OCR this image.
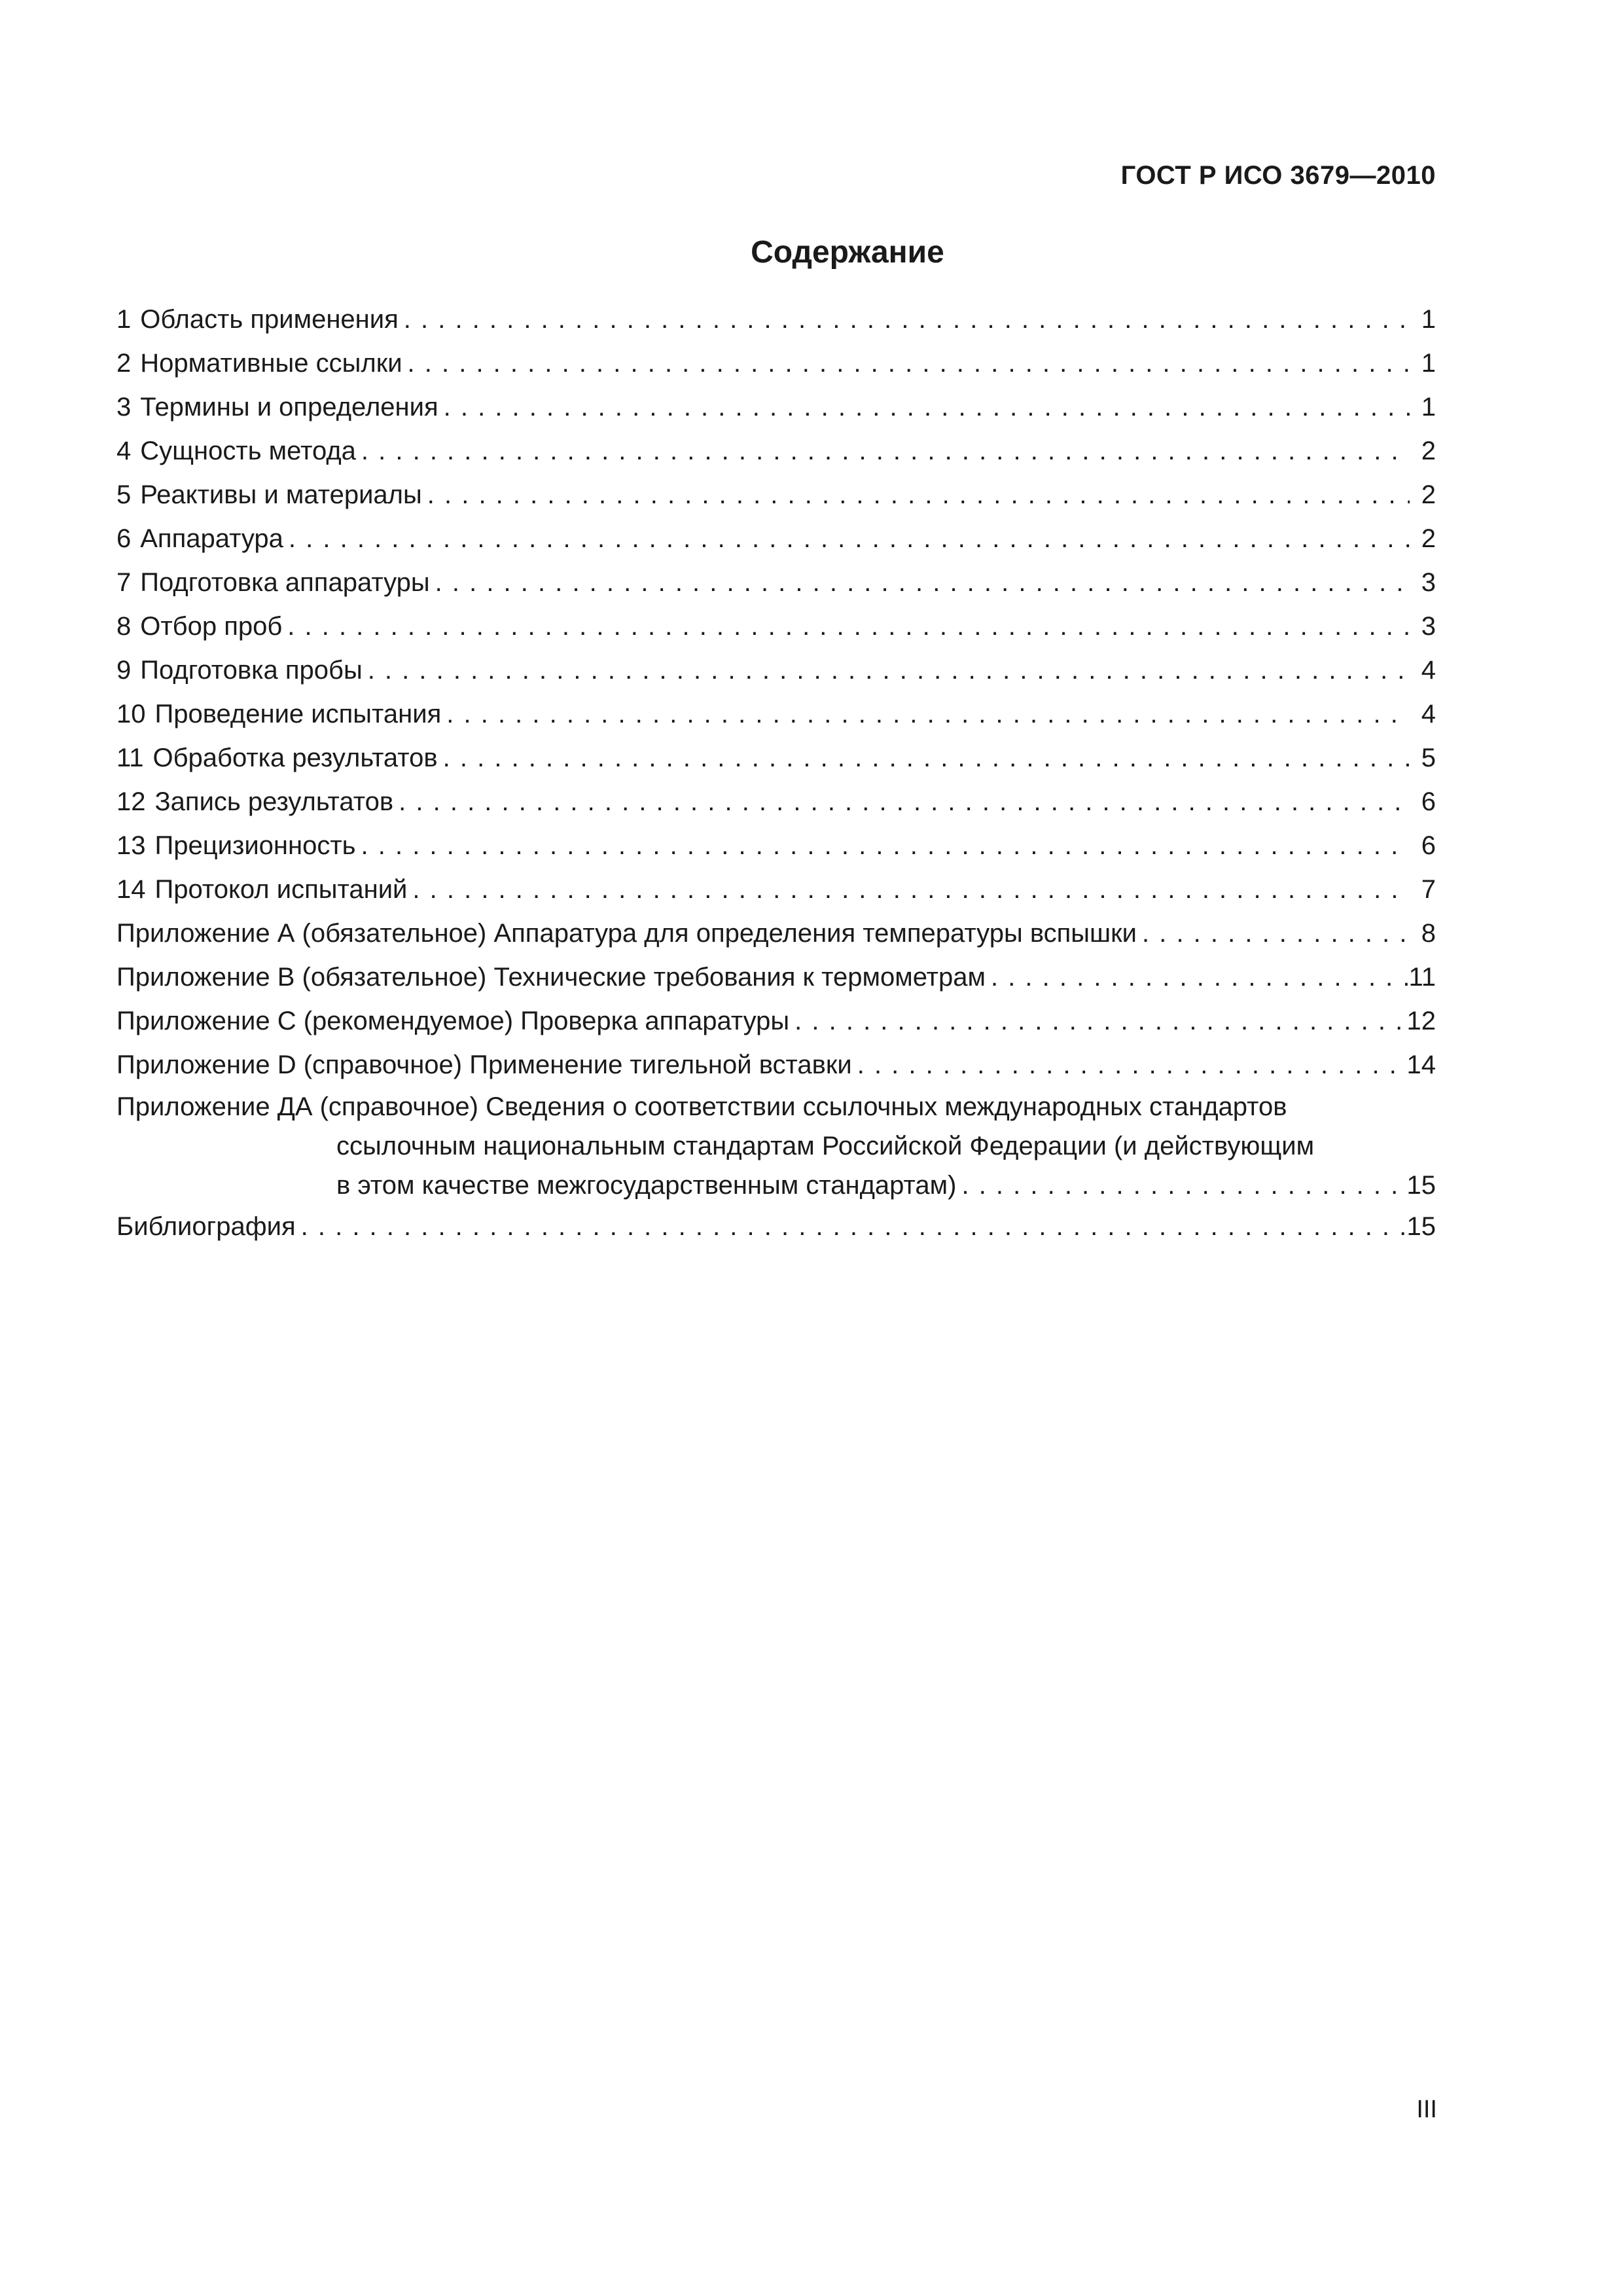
ГОСТ Р ИСО 3679—2010
Содержание
1 Область применения . . .	1
2 Нормативные ссылки . . .	1
3 Термины и определения . . .	1
4 Сущность метода . . .	2
5 Реактивы и материалы . . .	2
6 Аппаратура . . .	2
7 Подготовка аппаратуры . . .	3
8 Отбор проб . . .	3
9 Подготовка пробы . . .	4
10 Проведение испытания . . .	4
11 Обработка результатов . . .	5
12 Запись результатов . . .	6
13 Прецизионность . . .	6
14 Протокол испытаний . . .	7
Приложение А (обязательное) Аппаратура для определения температуры вспышки . . .	8
Приложение В (обязательное) Технические требования к термометрам . . .	11
Приложение С (рекомендуемое) Проверка аппаратуры . . .	12
Приложение D (справочное) Применение тигельной вставки . . .	14
Приложение ДА (справочное) Сведения о соответствии ссылочных международных стандартов
ссылочным национальным стандартам Российской Федерации (и действующим
в этом качестве межгосударственным стандартам) . . .	15
Библиография . . .	15
III
